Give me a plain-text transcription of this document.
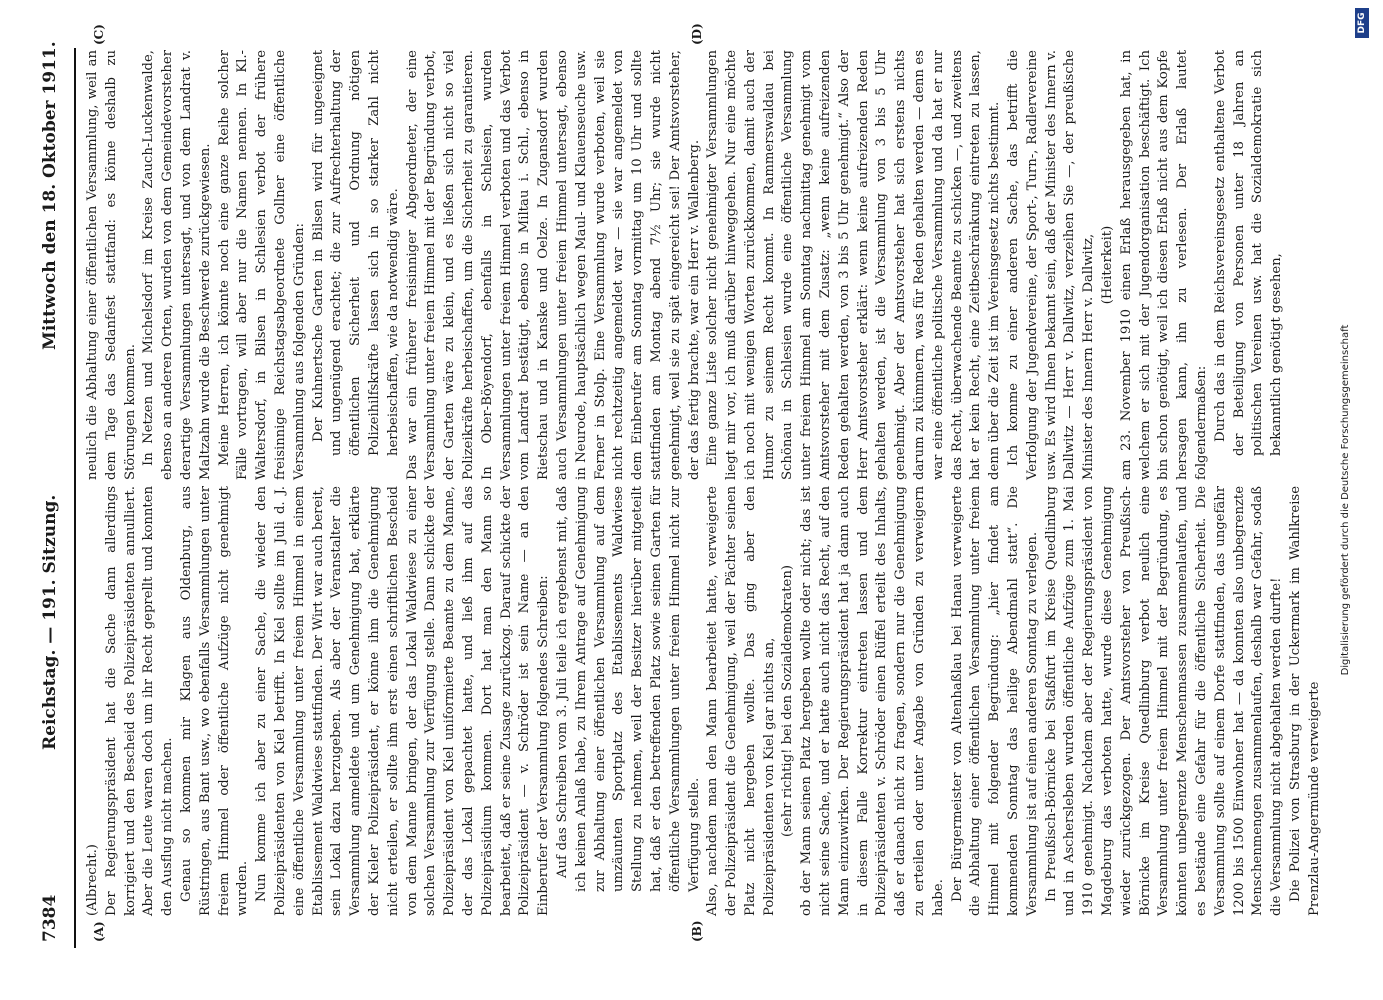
7384
Reichstag. — 191. Sitzung.
Mittwoch den 18. Oktober 1911.
(A)	(B)
(C)	(D)

(Albrecht.) Der Regierungspräsident hat die Sache dann allerdings korrigiert und den Bescheid des Polizeipräsidenten annulliert. Aber die Leute waren doch um ihr Recht geprellt und konnten den Ausflug nicht machen. Genau so kommen mir Klagen aus Oldenburg, aus Rüstringen, aus Bant usw., wo ebenfalls Versammlungen unter freiem Himmel oder öffentliche Aufzüge nicht genehmigt wurden. Nun komme ich aber zu einer Sache, die wieder den Polizeipräsidenten von Kiel betrifft. In Kiel sollte im Juli d. J. eine öffentliche Versammlung unter freiem Himmel in einem Etablissement Waldwiese stattfinden. Der Wirt war auch bereit, sein Lokal dazu herzugeben. Als aber der Veranstalter die Versammlung anmeldete und um Genehmigung bat, erklärte der Kieler Polizeipräsident, er könne ihm die Genehmigung nicht erteilen, er sollte ihm erst einen schriftlichen Bescheid von dem Manne bringen, der das Lokal Waldwiese zu einer solchen Versammlung zur Verfügung stelle. Dann schickte der Polizeipräsident von Kiel uniformierte Beamte zu dem Manne, der das Lokal gepachtet hatte, und ließ ihm auf das Polizeipräsidium kommen. Dort hat man den Mann so bearbeitet, daß er seine Zusage zurückzog. Darauf schickte der Polizeipräsident — v. Schröder ist sein Name — an den Einberufer der Versammlung folgendes Schreiben: Auf das Schreiben vom 3. Juli teile ich ergebenst mit, daß ich keinen Anlaß habe, zu Ihrem Antrage auf Genehmigung zur Abhaltung einer öffentlichen Versammlung auf dem umzäunten Sportplatz des Etablissements Waldwiese Stellung zu nehmen, weil der Besitzer hierüber mitgeteilt hat, daß er den betreffenden Platz sowie seinen Garten für öffentliche Versammlungen unter freiem Himmel nicht zur Verfügung stelle. Also, nachdem man den Mann bearbeitet hatte, verweigerte der Polizeipräsident die Genehmigung, weil der Pächter seinen Platz nicht hergeben wollte. Das ging aber den Polizeipräsidenten von Kiel gar nichts an, (sehr richtig! bei den Sozialdemokraten) ob der Mann seinen Platz hergeben wollte oder nicht; das ist nicht seine Sache, und er hatte auch nicht das Recht, auf den Mann einzuwirken. Der Regierungspräsident hat ja dann auch in diesem Falle Korrektur eintreten lassen und dem Polizeipräsidenten v. Schröder einen Rüffel erteilt des Inhalts, daß er danach nicht zu fragen, sondern nur die Genehmigung zu erteilen oder unter Angabe von Gründen zu verweigern habe. Der Bürgermeister von Altenhaßlau bei Hanau verweigerte die Abhaltung einer öffentlichen Versammlung unter freiem Himmel mit folgender Begründung: „hier findet am kommenden Sonntag das heilige Abendmahl statt“. Die Versammlung ist auf einen anderen Sonntag zu verlegen. In Preußisch-Börnicke bei Staßfurt im Kreise Quedlinburg und in Aschersleben wurden öffentliche Aufzüge zum 1. Mai 1910 genehmigt. Nachdem aber der Regierungspräsident von Magdeburg das verboten hatte, wurde diese Genehmigung wieder zurückgezogen. Der Amtsvorsteher von Preußisch-Börnicke im Kreise Quedlinburg verbot neulich eine Versammlung unter freiem Himmel mit der Begründung, es könnten unbegrenzte Menschenmassen zusammenlaufen, und es bestände eine Gefahr für die öffentliche Sicherheit. Die Versammlung sollte auf einem Dorfe stattfinden, das ungefähr 1200 bis 1500 Einwohner hat — da konnten also unbegrenzte Menschenmengen zusammenlaufen, deshalb war Gefahr, sodaß die Versammlung nicht abgehalten werden durfte! Die Polizei von Strasburg in der Uckermark im Wahlkreise Prenzlau-Angermünde verweigerte

neulich die Abhaltung einer öffentlichen Versammlung, weil an dem Tage das Sedanfest stattfand: es könne deshalb zu Störungen kommen. In Netzen und Michelsdorf im Kreise Zauch-Luckenwalde, ebenso an anderen Orten, wurden von dem Gemeindevorsteher derartige Versammlungen untersagt, und von dem Landrat v. Maltzahn wurde die Beschwerde zurückgewiesen. Meine Herren, ich könnte noch eine ganze Reihe solcher Fälle vortragen, will aber nur die Namen nennen. In Kl.-Waltersdorf, in Bilsen in Schlesien verbot der frühere freisinnige Reichstagsabgeordnete Gollner eine öffentliche Versammlung aus folgenden Gründen: Der Kuhnertsche Garten in Bilsen wird für ungeeignet und ungenügend erachtet; die zur Aufrechterhaltung der öffentlichen Sicherheit und Ordnung nötigen Polizeihilfskräfte lassen sich in so starker Zahl nicht herbeischaffen, wie da notwendig wäre. Das war ein früherer freisinniger Abgeordneter, der eine Versammlung unter freiem Himmel mit der Begründung verbot, der Garten wäre zu klein, und es ließen sich nicht so viel Polizeikräfte herbeischaffen, um die Sicherheit zu garantieren. In Ober-Böyendorf, ebenfalls in Schlesien, wurden Versammlungen unter freiem Himmel verboten und das Verbot vom Landrat bestätigt, ebenso in Miltau i. Schl., ebenso in Rietschau und in Kanske und Oelze. In Zugansdorf wurden auch Versammlungen unter freiem Himmel untersagt, ebenso in Neurode, hauptsächlich wegen Maul- und Klauenseuche usw. Ferner in Stolp. Eine Versammlung wurde verboten, weil sie nicht rechtzeitig angemeldet war — sie war angemeldet von dem Einberufer am Sonntag vormittag um 10 Uhr und sollte stattfinden am Montag abend 7½ Uhr; sie wurde nicht genehmigt, weil sie zu spät eingereicht sei! Der Amtsvorsteher, der das fertig brachte, war ein Herr v. Wallenberg. Eine ganze Liste solcher nicht genehmigter Versammlungen liegt mir vor, ich muß darüber hinweggehen. Nur eine möchte ich noch mit wenigen Worten zurückkommen, damit auch der Humor zu seinem Recht kommt. In Rammerswaldau bei Schönau in Schlesien wurde eine öffentliche Versammlung unter freiem Himmel am Sonntag nachmittag genehmigt vom Amtsvorsteher mit dem Zusatz: „wenn keine aufreizenden Reden gehalten werden, von 3 bis 5 Uhr genehmigt.“ Also der Herr Amtsvorsteher erklärt: wenn keine aufreizenden Reden gehalten werden, ist die Versammlung von 3 bis 5 Uhr genehmigt. Aber der Amtsvorsteher hat sich erstens nichts darum zu kümmern, was für Reden gehalten werden — denn es war eine öffentliche politische Versammlung und da hat er nur das Recht, überwachende Beamte zu schicken —, und zweitens hat er kein Recht, eine Zeitbeschränkung eintreten zu lassen, denn über die Zeit ist im Vereinsgesetz nichts bestimmt. Ich komme zu einer anderen Sache, das betrifft die Verfolgung der Jugendvereine, der Sport-, Turn-, Radlervereine usw. Es wird Ihnen bekannt sein, daß der Minister des Innern v. Dallwitz — Herr v. Dallwitz, verzeihen Sie —, der preußische Minister des Innern Herr v. Dallwitz, (Heiterkeit) am 23. November 1910 einen Erlaß herausgegeben hat, in welchem er sich mit der Jugendorganisation beschäftigt. Ich bin schon genötigt, weil ich diesen Erlaß nicht aus dem Kopfe hersagen kann, ihn zu verlesen. Der Erlaß lautet folgendermaßen: Durch das in dem Reichsvereinsgesetz enthaltene Verbot der Beteiligung von Personen unter 18 Jahren an politischen Vereinen usw. hat die Sozialdemokratie sich bekanntlich genötigt gesehen,	Digitalisierung gefördert durch die Deutsche Forschungsgemeinschaft
DFG
